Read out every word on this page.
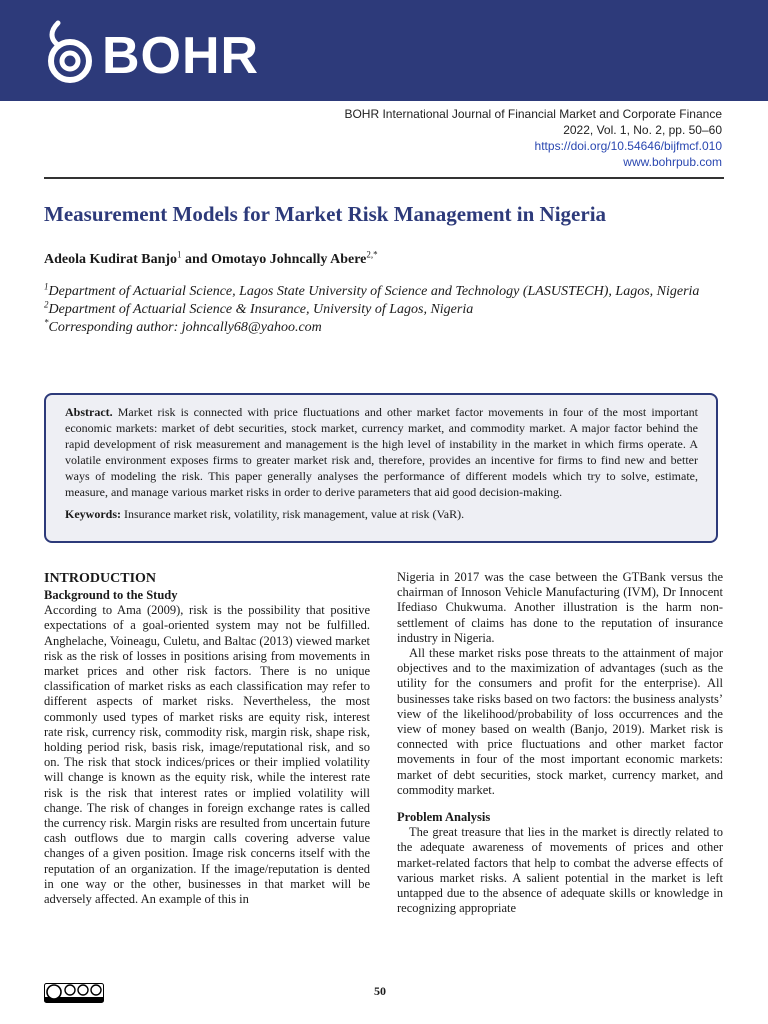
BOHR
BOHR International Journal of Financial Market and Corporate Finance
2022, Vol. 1, No. 2, pp. 50–60
https://doi.org/10.54646/bijfmcf.010
www.bohrpub.com
Measurement Models for Market Risk Management in Nigeria
Adeola Kudirat Banjo$^1$ and Omotayo Johncally Abere$^{2,*}$

$^1$Department of Actuarial Science, Lagos State University of Science and Technology (LASUSTECH), Lagos, Nigeria

$^2$Department of Actuarial Science & Insurance, University of Lagos, Nigeria

*Corresponding author: johncally68@yahoo.com

Abstract. Market risk is connected with price fluctuations and other market factor movements in four of the most important economic markets: market of debt securities, stock market, currency market, and commodity market. A major factor behind the rapid development of risk measurement and management is the high level of instability in the market in which firms operate. A volatile environment exposes firms to greater market risk and, therefore, provides an incentive for firms to find new and better ways of modeling the risk. This paper generally analyses the performance of different models which try to solve, estimate, measure, and manage various market risks in order to derive parameters that aid good decision-making.

Keywords: Insurance market risk, volatility, risk management, value at risk (VaR).

INTRODUCTION

Background to the Study

According to Ama (2009), risk is the possibility that positive expectations of a goal-oriented system may not be fulfilled. Anghelache, Voineagu, Culetu, and Baltac (2013) viewed market risk as the risk of losses in positions arising from movements in market prices and other risk factors. There is no unique classification of market risks as each classification may refer to different aspects of market risks. Nevertheless, the most commonly used types of market risks are equity risk, interest rate risk, currency risk, commodity risk, margin risk, shape risk, holding period risk, basis risk, image/reputational risk, and so on. The risk that stock indices/prices or their implied volatility will change is known as the equity risk, while the interest rate risk is the risk that interest rates or implied volatility will change. The risk of changes in foreign exchange rates is called the currency risk. Margin risks are resulted from uncertain future cash outflows due to margin calls covering adverse value changes of a given position. Image risk concerns itself with the reputation of an organization. If the image/reputation is dented in one way or the other, businesses in that market will be adversely affected. An example of this in

Nigeria in 2017 was the case between the GTBank versus the chairman of Innoson Vehicle Manufacturing (IVM), Dr Innocent Ifediaso Chukwuma. Another illustration is the harm non-settlement of claims has done to the reputation of insurance industry in Nigeria.

All these market risks pose threats to the attainment of major objectives and to the maximization of advantages (such as the utility for the consumers and profit for the enterprise). All businesses take risks based on two factors: the business analysts’ view of the likelihood/probability of loss occurrences and the view of money based on wealth (Banjo, 2019). Market risk is connected with price fluctuations and other market factor movements in four of the most important economic markets: market of debt securities, stock market, currency market, and commodity market.

Problem Analysis

The great treasure that lies in the market is directly related to the adequate awareness of movements of prices and other market-related factors that help to combat the adverse effects of various market risks. A salient potential in the market is left untapped due to the absence of adequate skills or knowledge in recognizing appropriate

50
